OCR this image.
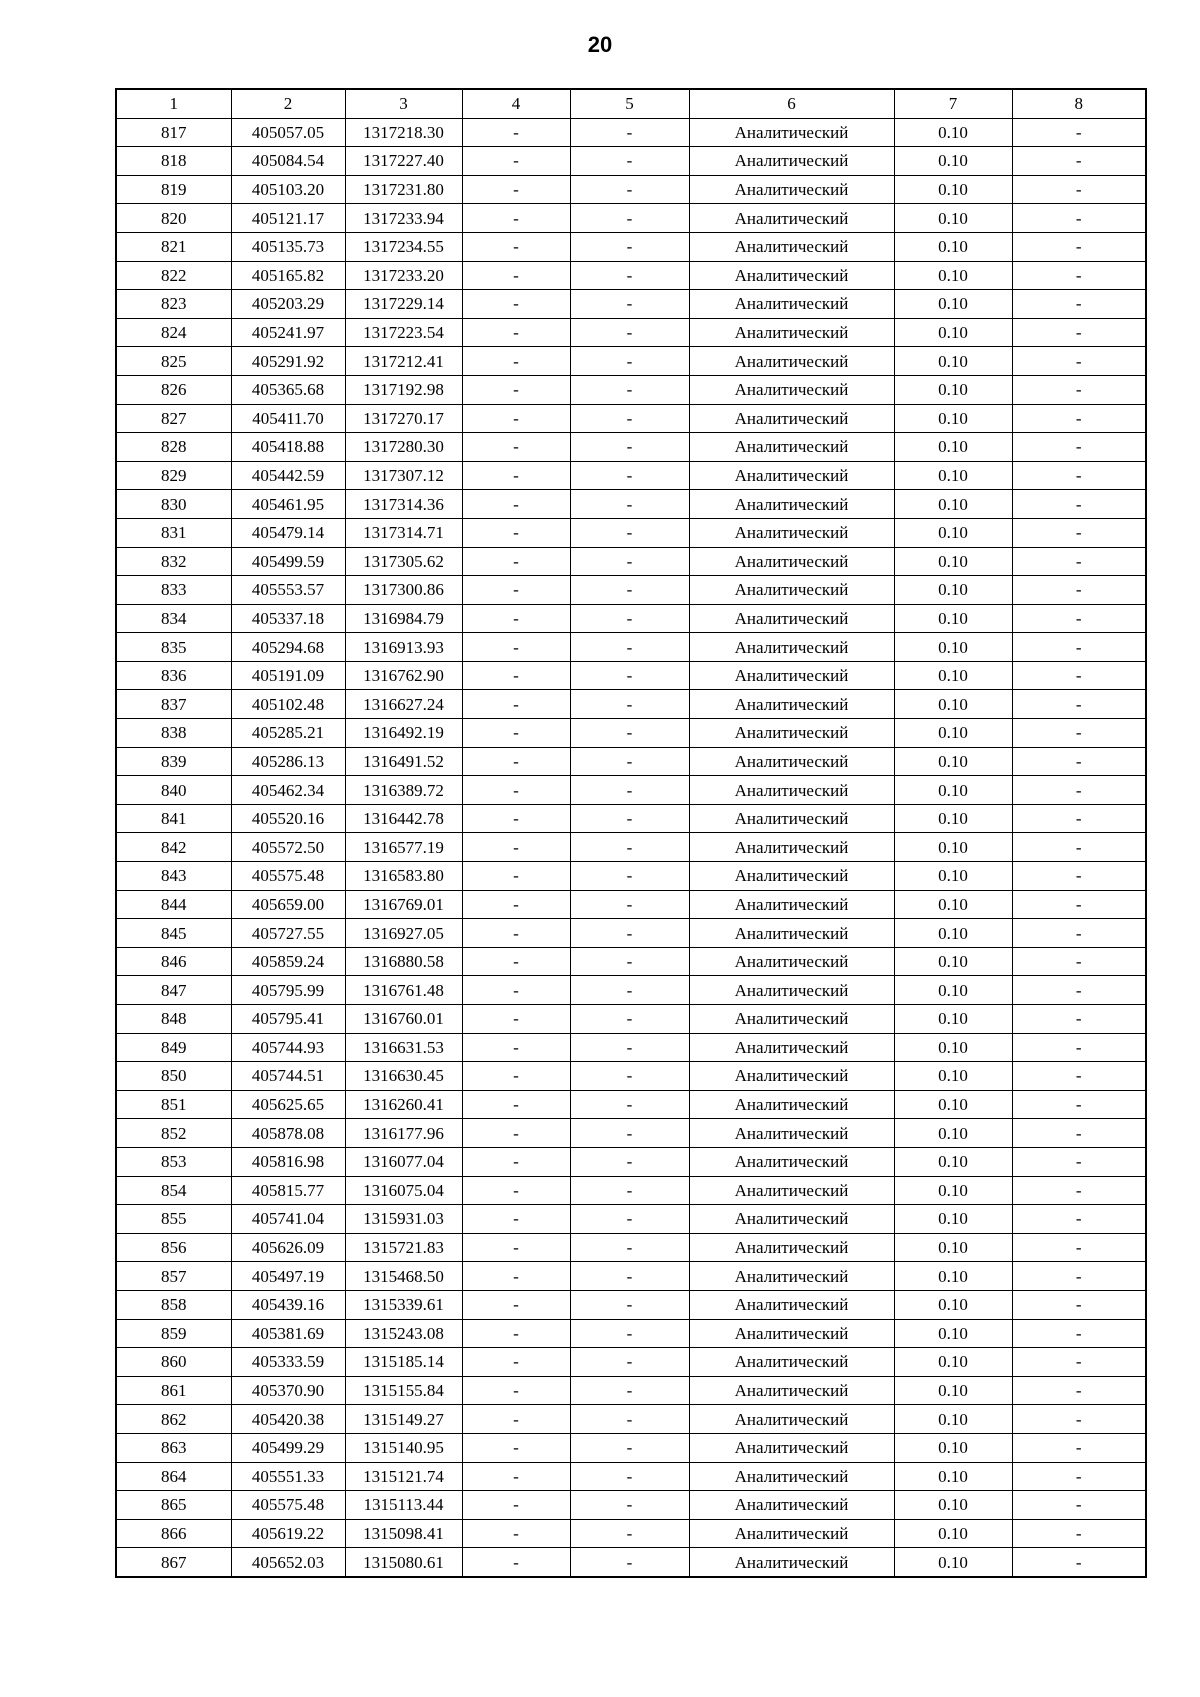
20
1	2	3	4	5	6	7	8
817	405057.05	1317218.30	-	-	Аналитический	0.10	-
818	405084.54	1317227.40	-	-	Аналитический	0.10	-
819	405103.20	1317231.80	-	-	Аналитический	0.10	-
820	405121.17	1317233.94	-	-	Аналитический	0.10	-
821	405135.73	1317234.55	-	-	Аналитический	0.10	-
822	405165.82	1317233.20	-	-	Аналитический	0.10	-
823	405203.29	1317229.14	-	-	Аналитический	0.10	-
824	405241.97	1317223.54	-	-	Аналитический	0.10	-
825	405291.92	1317212.41	-	-	Аналитический	0.10	-
826	405365.68	1317192.98	-	-	Аналитический	0.10	-
827	405411.70	1317270.17	-	-	Аналитический	0.10	-
828	405418.88	1317280.30	-	-	Аналитический	0.10	-
829	405442.59	1317307.12	-	-	Аналитический	0.10	-
830	405461.95	1317314.36	-	-	Аналитический	0.10	-
831	405479.14	1317314.71	-	-	Аналитический	0.10	-
832	405499.59	1317305.62	-	-	Аналитический	0.10	-
833	405553.57	1317300.86	-	-	Аналитический	0.10	-
834	405337.18	1316984.79	-	-	Аналитический	0.10	-
835	405294.68	1316913.93	-	-	Аналитический	0.10	-
836	405191.09	1316762.90	-	-	Аналитический	0.10	-
837	405102.48	1316627.24	-	-	Аналитический	0.10	-
838	405285.21	1316492.19	-	-	Аналитический	0.10	-
839	405286.13	1316491.52	-	-	Аналитический	0.10	-
840	405462.34	1316389.72	-	-	Аналитический	0.10	-
841	405520.16	1316442.78	-	-	Аналитический	0.10	-
842	405572.50	1316577.19	-	-	Аналитический	0.10	-
843	405575.48	1316583.80	-	-	Аналитический	0.10	-
844	405659.00	1316769.01	-	-	Аналитический	0.10	-
845	405727.55	1316927.05	-	-	Аналитический	0.10	-
846	405859.24	1316880.58	-	-	Аналитический	0.10	-
847	405795.99	1316761.48	-	-	Аналитический	0.10	-
848	405795.41	1316760.01	-	-	Аналитический	0.10	-
849	405744.93	1316631.53	-	-	Аналитический	0.10	-
850	405744.51	1316630.45	-	-	Аналитический	0.10	-
851	405625.65	1316260.41	-	-	Аналитический	0.10	-
852	405878.08	1316177.96	-	-	Аналитический	0.10	-
853	405816.98	1316077.04	-	-	Аналитический	0.10	-
854	405815.77	1316075.04	-	-	Аналитический	0.10	-
855	405741.04	1315931.03	-	-	Аналитический	0.10	-
856	405626.09	1315721.83	-	-	Аналитический	0.10	-
857	405497.19	1315468.50	-	-	Аналитический	0.10	-
858	405439.16	1315339.61	-	-	Аналитический	0.10	-
859	405381.69	1315243.08	-	-	Аналитический	0.10	-
860	405333.59	1315185.14	-	-	Аналитический	0.10	-
861	405370.90	1315155.84	-	-	Аналитический	0.10	-
862	405420.38	1315149.27	-	-	Аналитический	0.10	-
863	405499.29	1315140.95	-	-	Аналитический	0.10	-
864	405551.33	1315121.74	-	-	Аналитический	0.10	-
865	405575.48	1315113.44	-	-	Аналитический	0.10	-
866	405619.22	1315098.41	-	-	Аналитический	0.10	-
867	405652.03	1315080.61	-	-	Аналитический	0.10	-
